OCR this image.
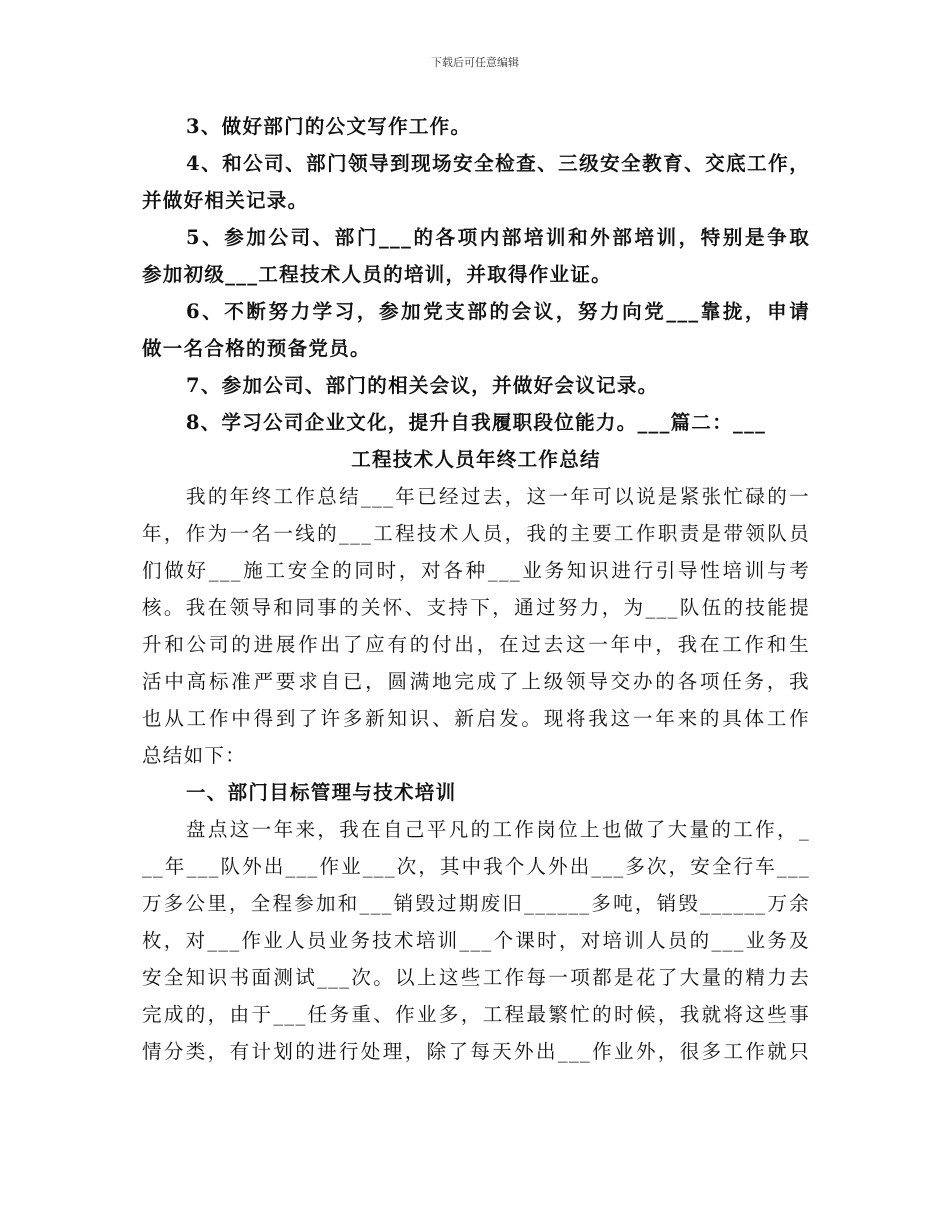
下载后可任意编辑
3、做好部门的公文写作工作。
4、和公司、部门领导到现场安全检查、三级安全教育、交底工作，
并做好相关记录。
5、参加公司、部门___的各项内部培训和外部培训，特别是争取
参加初级___工程技术人员的培训，并取得作业证。
6、不断努力学习，参加党支部的会议，努力向党___靠拢，申请
做一名合格的预备党员。
7、参加公司、部门的相关会议，并做好会议记录。
8、学习公司企业文化，提升自我履职段位能力。___篇二：___
工程技术人员年终工作总结
我的年终工作总结___年已经过去，这一年可以说是紧张忙碌的一
年，作为一名一线的___工程技术人员，我的主要工作职责是带领队员
们做好___施工安全的同时，对各种___业务知识进行引导性培训与考
核。我在领导和同事的关怀、支持下，通过努力，为___队伍的技能提
升和公司的进展作出了应有的付出，在过去这一年中，我在工作和生
活中高标准严要求自已，圆满地完成了上级领导交办的各项任务，我
也从工作中得到了许多新知识、新启发。现将我这一年来的具体工作
总结如下：
一、部门目标管理与技术培训
盘点这一年来，我在自己平凡的工作岗位上也做了大量的工作，_
__年___队外出___作业___次，其中我个人外出___多次，安全行车___
万多公里，全程参加和___销毁过期废旧______多吨，销毁______万余
枚，对___作业人员业务技术培训___个课时，对培训人员的___业务及
安全知识书面测试___次。以上这些工作每一项都是花了大量的精力去
完成的，由于___任务重、作业多，工程最繁忙的时候，我就将这些事
情分类，有计划的进行处理，除了每天外出___作业外，很多工作就只
